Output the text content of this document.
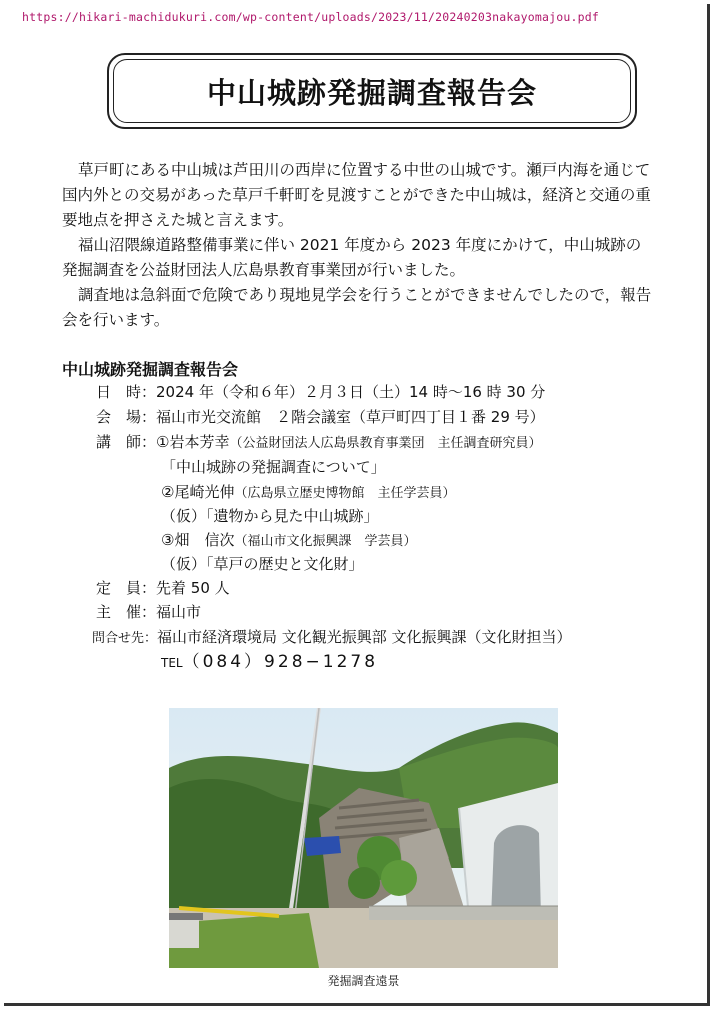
https://hikari-machidukuri.com/wp-content/uploads/2023/11/20240203nakayomajou.pdf
中山城跡発掘調査報告会

草戸町にある中山城は芦田川の西岸に位置する中世の山城です。瀬戸内海を通じて

国内外との交易があった草戸千軒町を見渡すことができた中山城は，経済と交通の重

要地点を押さえた城と言えます。

福山沼隈線道路整備事業に伴い 2021 年度から 2023 年度にかけて，中山城跡の

発掘調査を公益財団法人広島県教育事業団が行いました。

調査地は急斜面で危険であり現地見学会を行うことができませんでしたので，報告

会を行います。

中山城跡発掘調査報告会
日　時：2024 年（令和６年）２月３日（土）14 時～16 時 30 分
会　場：福山市光交流館　２階会議室（草戸町四丁目１番 29 号）
講　師：①岩本芳幸（公益財団法人広島県教育事業団　主任調査研究員）
「中山城跡の発掘調査について」
②尾崎光伸（広島県立歴史博物館　主任学芸員）
（仮）「遺物から見た中山城跡」
③畑　信次（福山市文化振興課　学芸員）
（仮）「草戸の歴史と文化財」
定　員：先着 50 人
主　催：福山市
問合せ先：福山市経済環境局 文化観光振興部 文化振興課（文化財担当）
TEL（084）928−1278
発掘調査遠景
